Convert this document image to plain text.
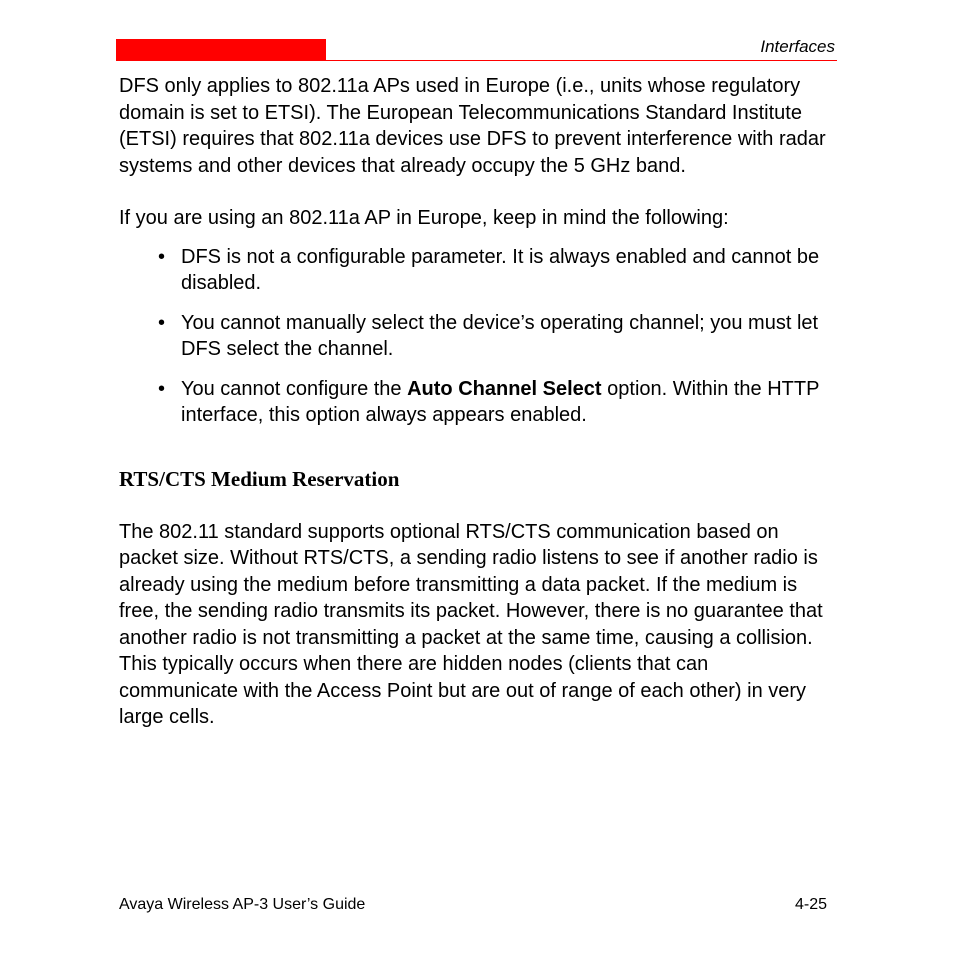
Interfaces

DFS only applies to 802.11a APs used in Europe (i.e., units whose regulatory domain is set to ETSI). The European Telecommunications Standard Institute (ETSI) requires that 802.11a devices use DFS to prevent interference with radar systems and other devices that already occupy the 5 GHz band.

If you are using an 802.11a AP in Europe, keep in mind the following:

• DFS is not a configurable parameter. It is always enabled and cannot be disabled.
• You cannot manually select the device’s operating channel; you must let DFS select the channel.
• You cannot configure the Auto Channel Select option. Within the HTTP interface, this option always appears enabled.
RTS/CTS Medium Reservation

The 802.11 standard supports optional RTS/CTS communication based on packet size. Without RTS/CTS, a sending radio listens to see if another radio is already using the medium before transmitting a data packet. If the medium is free, the sending radio transmits its packet. However, there is no guarantee that another radio is not transmitting a packet at the same time, causing a collision. This typically occurs when there are hidden nodes (clients that can communicate with the Access Point but are out of range of each other) in very large cells.

Avaya Wireless AP-3 User’s Guide	4-25
